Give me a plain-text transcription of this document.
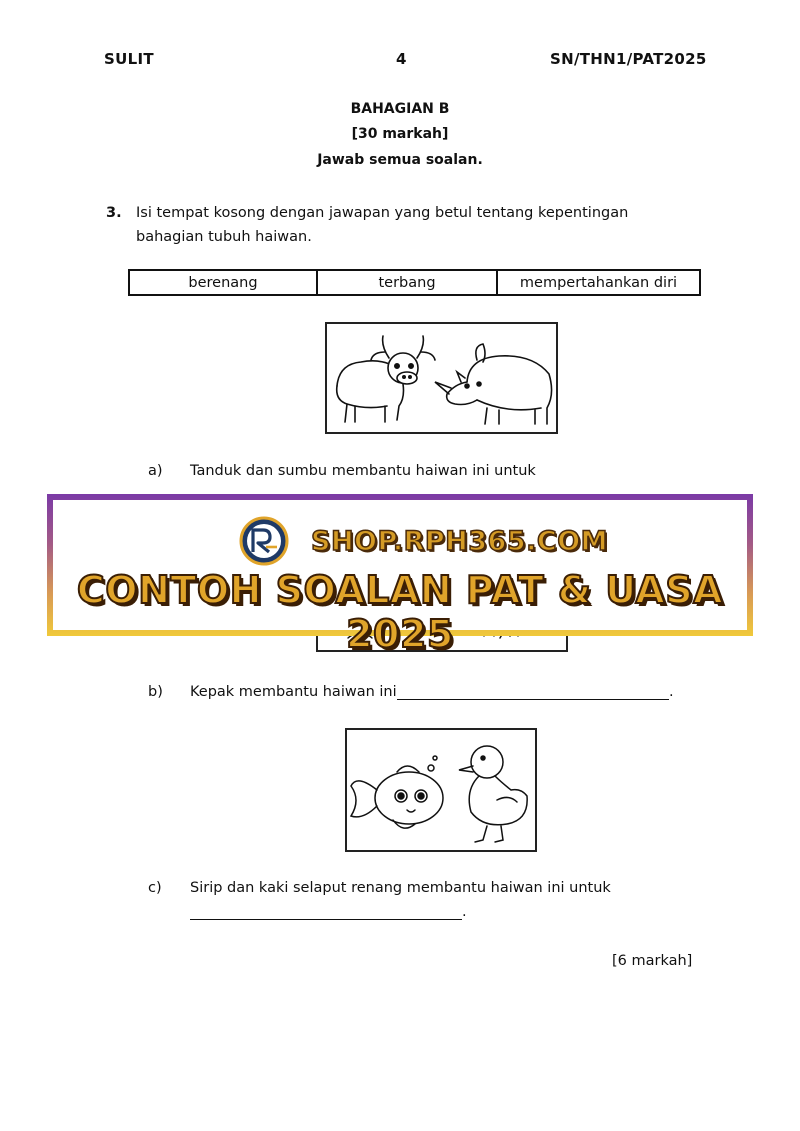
SULIT	4	SN/THN1/PAT2025
BAHAGIAN B
[30 markah]
Jawab semua soalan.
3. Isi tempat kosong dengan jawapan yang betul tentang kepentingan
bahagian tubuh haiwan.
berenang	terbang	mempertahankan diri
a) Tanduk dan sumbu membantu haiwan ini untuk
SHOP.RPH365.COM
CONTOH SOALAN PAT & UASA 2025
b) Kepak membantu haiwan ini	.
c) Sirip dan kaki selaput renang membantu haiwan ini untuk
.
[6 markah]
